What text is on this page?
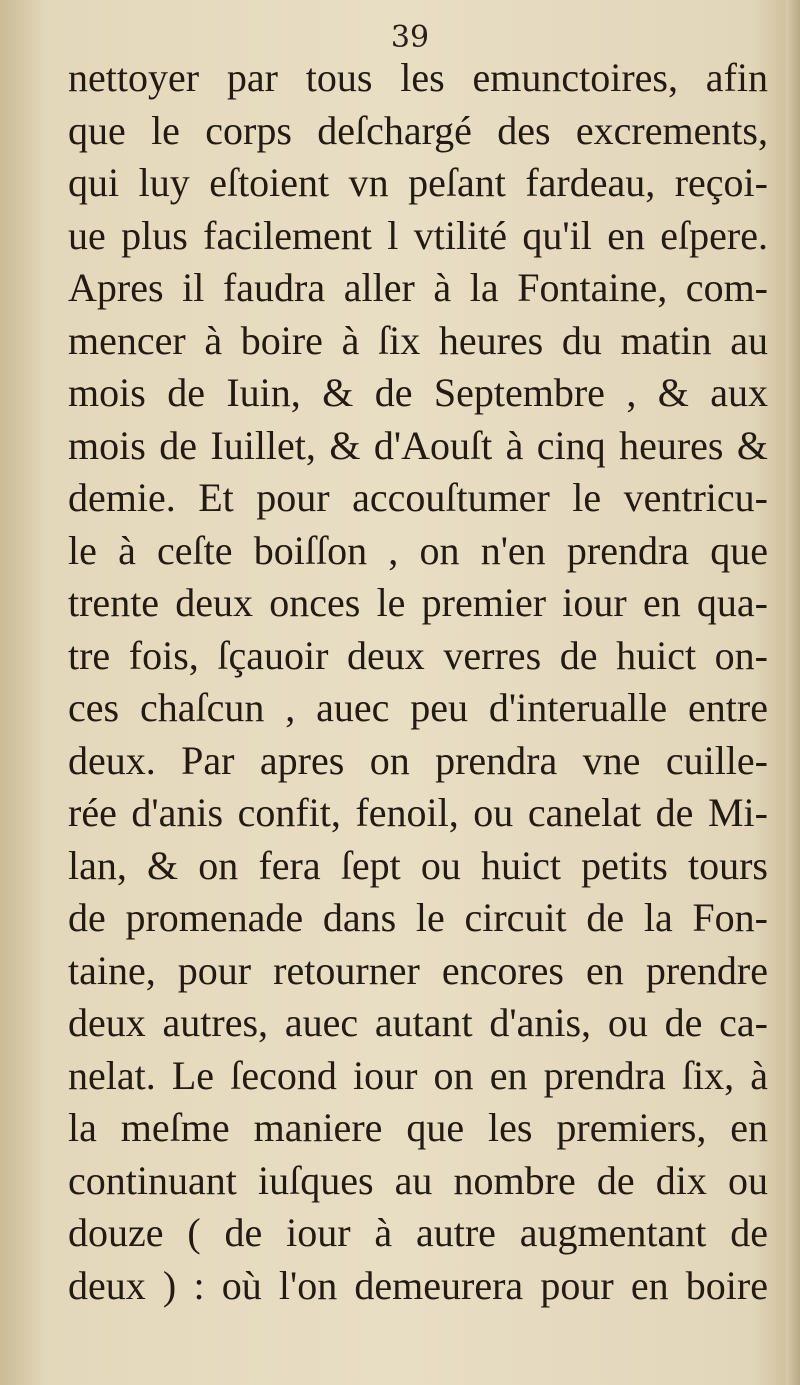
39

nettoyer par tous les emunctoires, afin
que le corps deſchargé des excrements,
qui luy eſtoient vn peſant fardeau, reçoi-
ue plus facilement l vtilité qu'il en eſpere.
Apres il faudra aller à la Fontaine, com-
mencer à boire à ſix heures du matin au
mois de Iuin, & de Septembre , & aux
mois de Iuillet, & d'Aouſt à cinq heures &
demie. Et pour accouſtumer le ventricu-
le à ceſte boiſſon , on n'en prendra que
trente deux onces le premier iour en qua-
tre fois, ſçauoir deux verres de huict on-
ces chaſcun , auec peu d'interualle entre
deux. Par apres on prendra vne cuille-
rée d'anis confit, fenoil, ou canelat de Mi-
lan, & on fera ſept ou huict petits tours
de promenade dans le circuit de la Fon-
taine, pour retourner encores en prendre
deux autres, auec autant d'anis, ou de ca-
nelat. Le ſecond iour on en prendra ſix, à
la meſme maniere que les premiers, en
continuant iuſques au nombre de dix ou
douze ( de iour à autre augmentant de
deux ) : où l'on demeurera pour en boire
